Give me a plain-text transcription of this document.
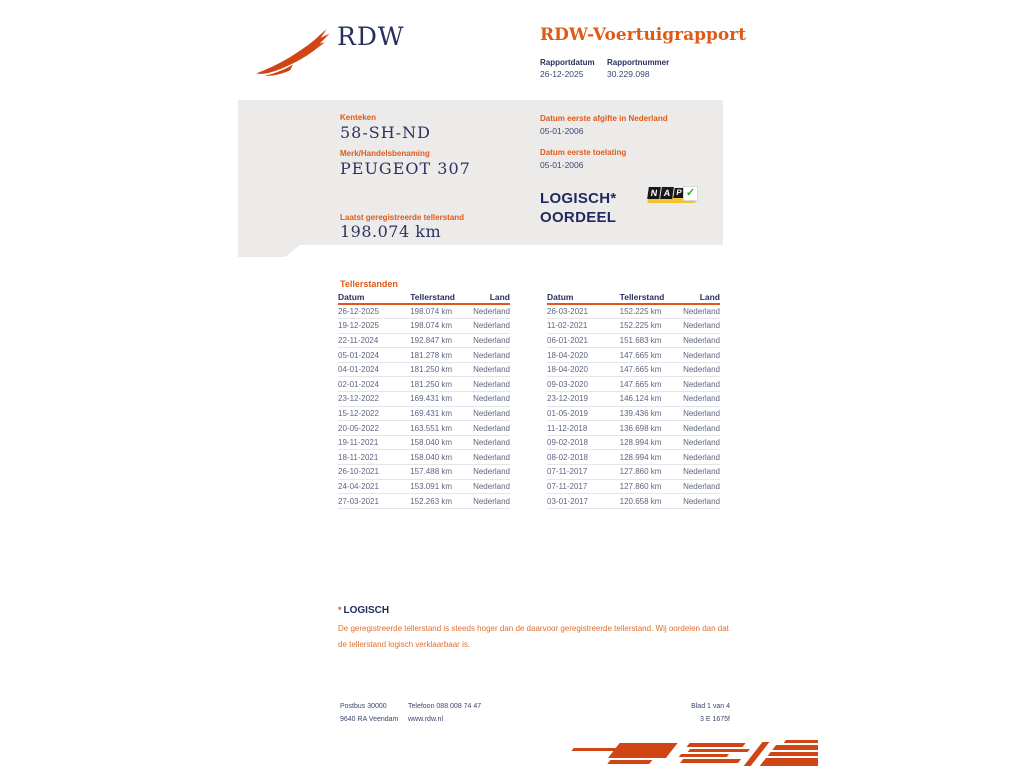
RDW	RDW-Voertuigrapport
Rapportdatum Rapportnummer
26-12-2025	30.229.098
Kenteken
58-SH-ND
Merk/Handelsbenaming
PEUGEOT 307
Laatst geregistreerde tellerstand
198.074 km
Datum eerste afgifte in Nederland
05-01-2006
Datum eerste toelating
05-01-2006
LOGISCH*
OORDEEL
N A P ✓
Tellerstanden
Datum	Tellerstand	Land
26-12-2025	198.074 km	Nederland
19-12-2025	198.074 km	Nederland
22-11-2024	192.847 km	Nederland
05-01-2024	181.278 km	Nederland
04-01-2024	181.250 km	Nederland
02-01-2024	181.250 km	Nederland
23-12-2022	169.431 km	Nederland
15-12-2022	169.431 km	Nederland
20-05-2022	163.551 km	Nederland
19-11-2021	158.040 km	Nederland
18-11-2021	158.040 km	Nederland
26-10-2021	157.488 km	Nederland
24-04-2021	153.091 km	Nederland
27-03-2021	152.263 km	Nederland
Datum	Tellerstand	Land
26-03-2021	152.225 km	Nederland
11-02-2021	152.225 km	Nederland
06-01-2021	151.683 km	Nederland
18-04-2020	147.665 km	Nederland
18-04-2020	147.665 km	Nederland
09-03-2020	147.665 km	Nederland
23-12-2019	146.124 km	Nederland
01-05-2019	139.436 km	Nederland
11-12-2018	136.698 km	Nederland
09-02-2018	128.994 km	Nederland
08-02-2018	128.994 km	Nederland
07-11-2017	127.860 km	Nederland
07-11-2017	127.860 km	Nederland
03-01-2017	120.658 km	Nederland
* LOGISCH
De geregistreerde tellerstand is steeds hoger dan de daarvoor geregistreerde tellerstand. Wij oordelen dan dat de tellerstand logisch verklaarbaar is.
Postbus 30000
9640 RA Veendam
Telefoon 088 008 74 47
www.rdw.nl
Blad 1 van 4
3 E 1675f
